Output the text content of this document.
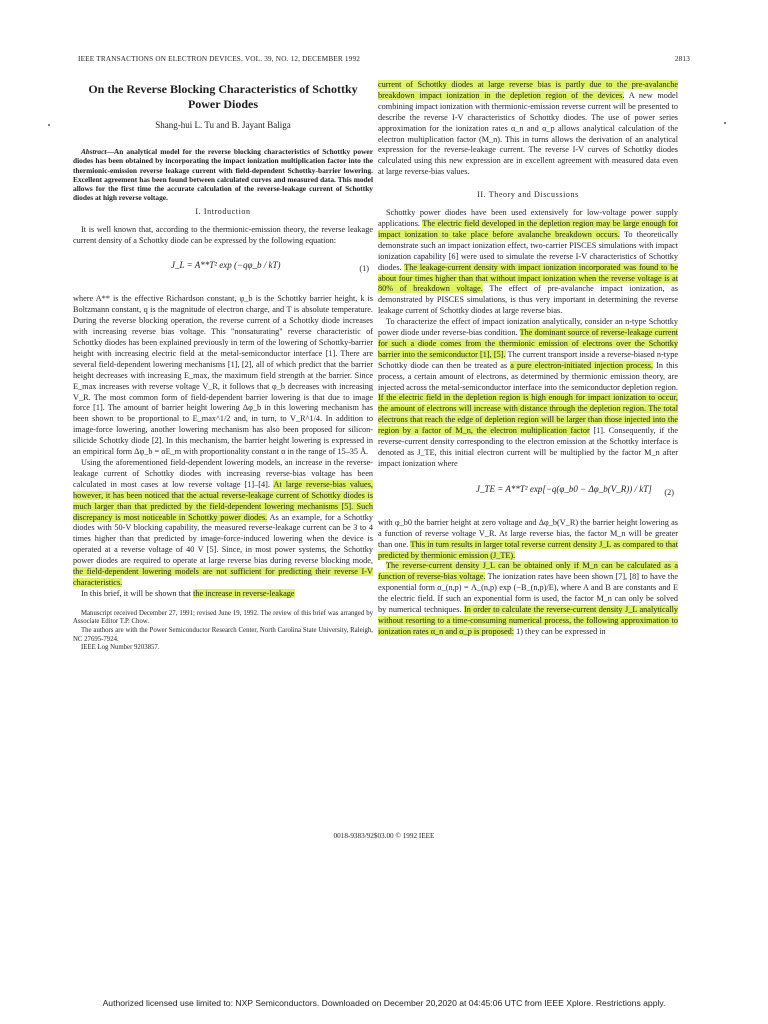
IEEE TRANSACTIONS ON ELECTRON DEVICES, VOL. 39, NO. 12, DECEMBER 1992	2813
On the Reverse Blocking Characteristics of Schottky Power Diodes
Shang-hui L. Tu and B. Jayant Baliga

Abstract—An analytical model for the reverse blocking characteristics of Schottky power diodes has been obtained by incorporating the impact ionization multiplication factor into the thermionic-emission reverse leakage current with field-dependent Schottky-barrier lowering. Excellent agreement has been found between calculated curves and measured data. This model allows for the first time the accurate calculation of the reverse-leakage current of Schottky diodes at high reverse voltage.

I. Introduction

It is well known that, according to the thermionic-emission theory, the reverse leakage current density of a Schottky diode can be expressed by the following equation:

J_L = A**T² exp (−qφ_b / kT)	(1)

where A** is the effective Richardson constant, φ_b is the Schottky barrier height, k is Boltzmann constant, q is the magnitude of electron charge, and T is absolute temperature. During the reverse blocking operation, the reverse current of a Schottky diode increases with increasing reverse bias voltage. This "nonsaturating" reverse characteristic of Schottky diodes has been explained previously in term of the lowering of Schottky-barrier height with increasing electric field at the metal-semiconductor interface [1]. There are several field-dependent lowering mechanisms [1], [2], all of which predict that the barrier height decreases with increasing E_max, the maximum field strength at the barrier. Since E_max increases with reverse voltage V_R, it follows that φ_b decreases with increasing V_R. The most common form of field-dependent barrier lowering is that due to image force [1]. The amount of barrier height lowering Δφ_b in this lowering mechanism has been shown to be proportional to E_max^1/2 and, in turn, to V_R^1/4. In addition to image-force lowering, another lowering mechanism has also been proposed for silicon-silicide Schottky diode [2]. In this mechanism, the barrier height lowering is expressed in an empirical form Δφ_b = αE_m with proportionality constant α in the range of 15–35 Å.

Using the aforementioned field-dependent lowering models, an increase in the reverse-leakage current of Schottky diodes with increasing reverse-bias voltage has been calculated in most cases at low reverse voltage [1]–[4]. At large reverse-bias values, however, it has been noticed that the actual reverse-leakage current of Schottky diodes is much larger than that predicted by the field-dependent lowering mechanisms [5]. Such discrepancy is most noticeable in Schottky power diodes. As an example, for a Schottky diodes with 50-V blocking capability, the measured reverse-leakage current can be 3 to 4 times higher than that predicted by image-force-induced lowering when the device is operated at a reverse voltage of 40 V [5]. Since, in most power systems, the Schottky power diodes are required to operate at large reverse bias during reverse blocking mode, the field-dependent lowering models are not sufficient for predicting their reverse I-V characteristics.

In this brief, it will be shown that the increase in reverse-leakage

Manuscript received December 27, 1991; revised June 19, 1992. The review of this brief was arranged by Associate Editor T.P. Chow.

The authors are with the Power Semiconductor Research Center, North Carolina State University, Raleigh, NC 27695-7924.

IEEE Log Number 9203857.

current of Schottky diodes at large reverse bias is partly due to the pre-avalanche breakdown impact ionization in the depletion region of the devices. A new model combining impact ionization with thermionic-emission reverse current will be presented to describe the reverse I-V characteristics of Schottky diodes. The use of power series approximation for the ionization rates α_n and α_p allows analytical calculation of the electron multiplication factor (M_n). This in turns allows the derivation of an analytical expression for the reverse-leakage current. The reverse I-V curves of Schottky diodes calculated using this new expression are in excellent agreement with measured data even at large reverse-bias values.

II. Theory and Discussions

Schottky power diodes have been used extensively for low-voltage power supply applications. The electric field developed in the depletion region may be large enough for impact ionization to take place before avalanche breakdown occurs. To theoretically demonstrate such an impact ionization effect, two-carrier PISCES simulations with impact ionization capability [6] were used to simulate the reverse I-V characteristics of Schottky diodes. The leakage-current density with impact ionization incorporated was found to be about four times higher than that without impact ionization when the reverse voltage is at 80% of breakdown voltage. The effect of pre-avalanche impact ionization, as demonstrated by PISCES simulations, is thus very important in determining the reverse leakage current of Schottky diodes at large reverse bias.

To characterize the effect of impact ionization analytically, consider an n-type Schottky power diode under reverse-bias condition. The dominant source of reverse-leakage current for such a diode comes from the thermionic emission of electrons over the Schottky barrier into the semiconductor [1], [5]. The current transport inside a reverse-biased n-type Schottky diode can then be treated as a pure electron-initiated injection process. In this process, a certain amount of electrons, as determined by thermionic emission theory, are injected across the metal-semiconductor interface into the semiconductor depletion region. If the electric field in the depletion region is high enough for impact ionization to occur, the amount of electrons will increase with distance through the depletion region. The total electrons that reach the edge of depletion region will be larger than those injected into the region by a factor of M_n, the electron multiplication factor [1]. Consequently, if the reverse-current density corresponding to the electron emission at the Schottky interface is denoted as J_TE, this initial electron current will be multiplied by the factor M_n after impact ionization where

J_TE = A**T² exp[−q(φ_b0 − Δφ_b(V_R)) / kT] (2)

with φ_b0 the barrier height at zero voltage and Δφ_b(V_R) the barrier height lowering as a function of reverse voltage V_R. At large reverse bias, the factor M_n will be greater than one. This in turn results in larger total reverse current density J_L as compared to that predicted by thermionic emission (J_TE).

The reverse-current density J_L can be obtained only if M_n can be calculated as a function of reverse-bias voltage. The ionization rates have been shown [7], [8] to have the exponential form α_(n,p) = A_(n,p) exp (−B_(n,p)/E), where A and B are constants and E the electric field. If such an exponential form is used, the factor M_n can only be solved by numerical techniques. In order to calculate the reverse-current density J_L analytically without resorting to a time-consuming numerical process, the following approximation to ionization rates α_n and α_p is proposed: 1) they can be expressed in

0018-9383/92$03.00 © 1992 IEEE
Authorized licensed use limited to: NXP Semiconductors. Downloaded on December 20,2020 at 04:45:06 UTC from IEEE Xplore. Restrictions apply.
